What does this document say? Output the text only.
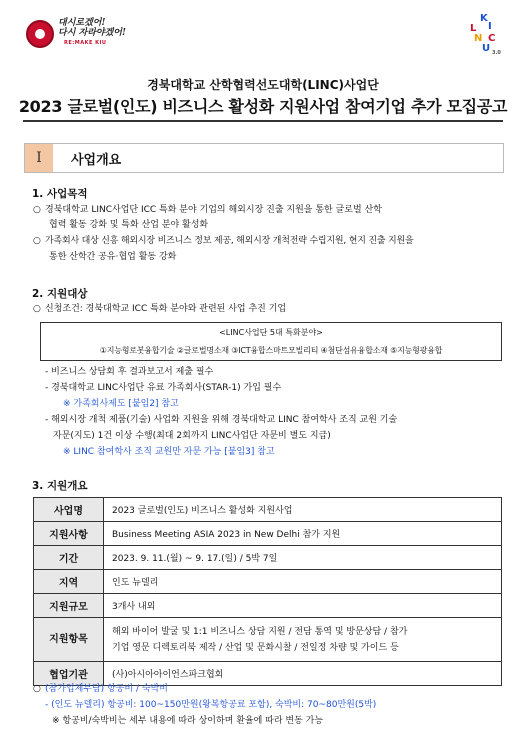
대시로겠어!
다시 자라야겠어!
RE:MAKE KIU
K
L I
U
N C
3.0
경북대학교 산학협력선도대학(LINC)사업단
2023 글로벌(인도) 비즈니스 활성화 지원사업 참여기업 추가 모집공고
Ⅰ	사업개요
1. 사업목적
○ 경북대학교 LINC사업단 ICC 특화 분야 기업의 해외시장 진출 지원을 통한 글로벌 산학
협력 활동 강화 및 특화 산업 분야 활성화
○ 가족회사 대상 신흥 해외시장 비즈니스 정보 제공, 해외시장 개척전략 수립지원, 현지 진출 지원을
통한 산학간 공유·협업 활동 강화
2. 지원대상
○ 신청조건: 경북대학교 ICC 특화 분야와 관련된 사업 추진 기업
<LINC사업단 5대 특화분야>
①지능형로봇융합기술 ②글로벌명소재 ③ICT융합스마트모빌리티 ④첨단섬유융합소재 ⑤지능형광융합
- 비즈니스 상담회 후 결과보고서 제출 필수
- 경북대학교 LINC사업단 유료 가족회사(STAR-1) 가입 필수
※ 가족회사제도 [붙임2] 참고
- 해외시장 개척 제품(기술) 사업화 지원을 위해 경북대학교 LINC 참여학사 조직 교원 기술
자문(지도) 1건 이상 수행(최대 2회까지 LINC사업단 자문비 별도 지급)
※ LINC 참여학사 조직 교원만 자문 가능 [붙임3] 참고
3. 지원개요
사업명	2023 글로벌(인도) 비즈니스 활성화 지원사업
지원사항	Business Meeting ASIA 2023 in New Delhi 참가 지원
기간	2023. 9. 11.(월) ~ 9. 17.(일) / 5박 7일
지역	인도 뉴델리
지원규모	3개사 내외
지원항목	해외 바이어 발굴 및 1:1 비즈니스 상담 지원 / 전담 통역 및 방문상담 / 참가
기업 영문 디렉토리북 제작 / 산업 및 문화시찰 / 전일정 차량 및 가이드 등

협업기관	(사)아시아아이언스파크협회
○ (참가업체부담) 항공비 / 숙박비
- (인도 뉴델리) 항공비: 100~150만원(왕복항공료 포함), 숙박비: 70~80만원(5박)
※ 항공비/숙박비는 세부 내용에 따라 상이하며 환율에 따라 변동 가능
